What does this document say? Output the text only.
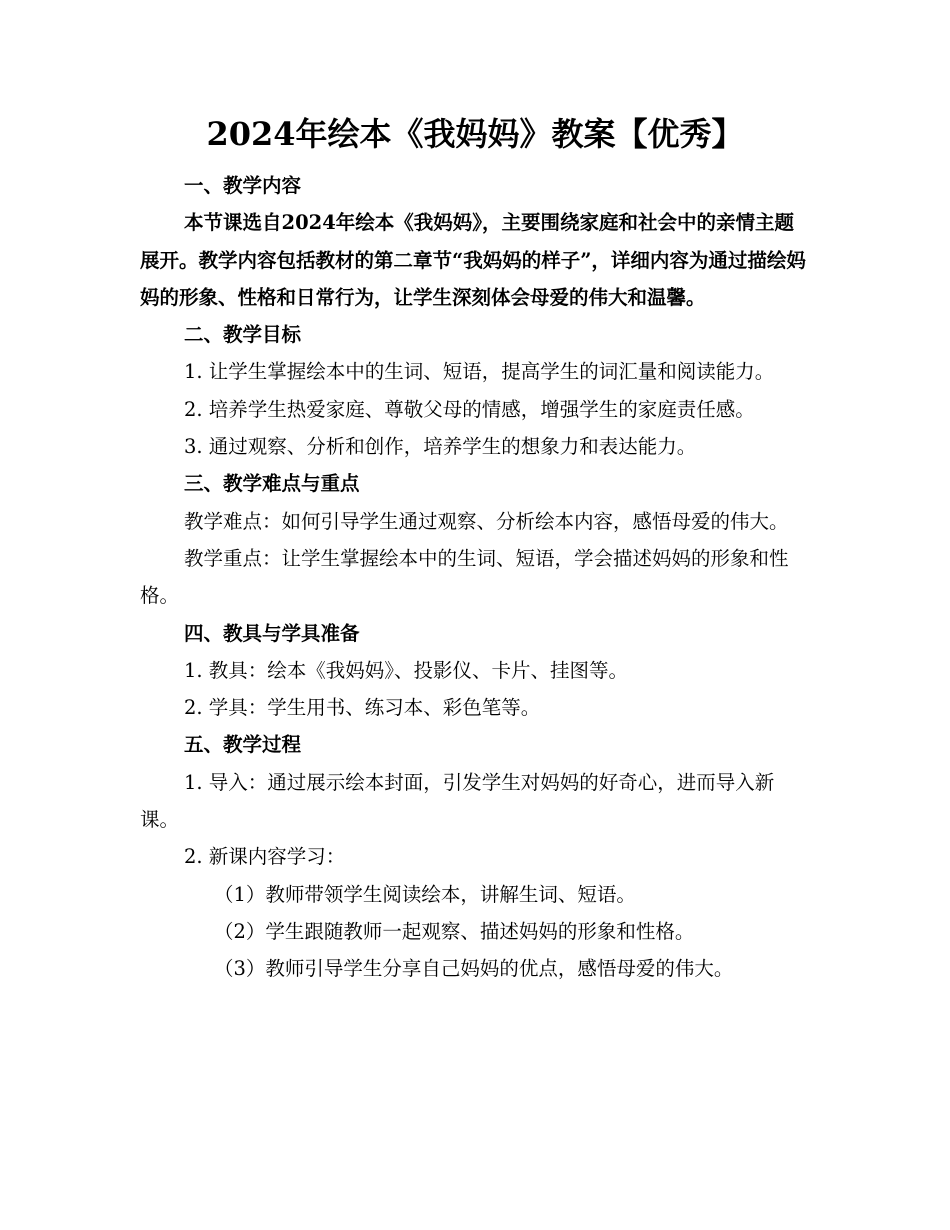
2024年绘本《我妈妈》教案【优秀】

一、教学内容

本节课选自2024年绘本《我妈妈》，主要围绕家庭和社会中的亲情主题展开。教学内容包括教材的第二章节“我妈妈的样子”，详细内容为通过描绘妈妈的形象、性格和日常行为，让学生深刻体会母爱的伟大和温馨。

二、教学目标

1. 让学生掌握绘本中的生词、短语，提高学生的词汇量和阅读能力。

2. 培养学生热爱家庭、尊敬父母的情感，增强学生的家庭责任感。

3. 通过观察、分析和创作，培养学生的想象力和表达能力。

三、教学难点与重点

教学难点：如何引导学生通过观察、分析绘本内容，感悟母爱的伟大。

教学重点：让学生掌握绘本中的生词、短语，学会描述妈妈的形象和性格。

四、教具与学具准备

1. 教具：绘本《我妈妈》、投影仪、卡片、挂图等。

2. 学具：学生用书、练习本、彩色笔等。

五、教学过程

1. 导入：通过展示绘本封面，引发学生对妈妈的好奇心，进而导入新课。

2. 新课内容学习：

（1）教师带领学生阅读绘本，讲解生词、短语。

（2）学生跟随教师一起观察、描述妈妈的形象和性格。

（3）教师引导学生分享自己妈妈的优点，感悟母爱的伟大。
